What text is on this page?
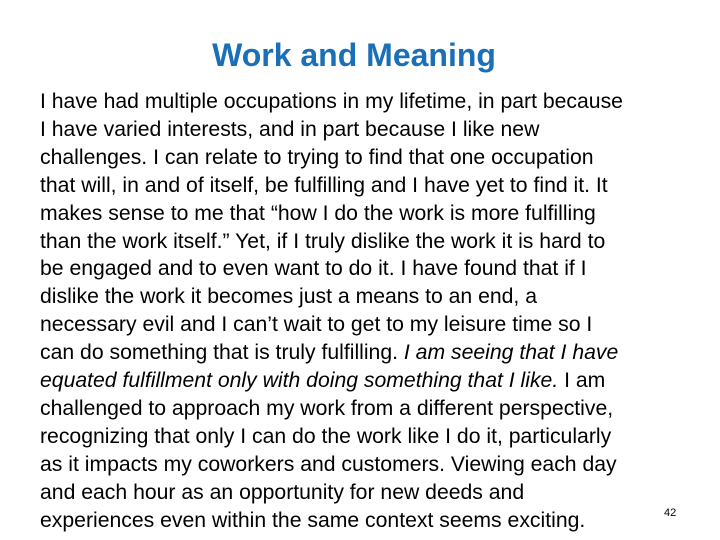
Work and Meaning
I have had multiple occupations in my lifetime, in part because
I have varied interests, and in part because I like new
challenges. I can relate to trying to find that one occupation
that will, in and of itself, be fulfilling and I have yet to find it. It
makes sense to me that “how I do the work is more fulfilling
than the work itself.” Yet, if I truly dislike the work it is hard to
be engaged and to even want to do it. I have found that if I
dislike the work it becomes just a means to an end, a
necessary evil and I can’t wait to get to my leisure time so I
can do something that is truly fulfilling. I am seeing that I have
equated fulfillment only with doing something that I like. I am
challenged to approach my work from a different perspective,
recognizing that only I can do the work like I do it, particularly
as it impacts my coworkers and customers. Viewing each day
and each hour as an opportunity for new deeds and
experiences even within the same context seems exciting.	42
